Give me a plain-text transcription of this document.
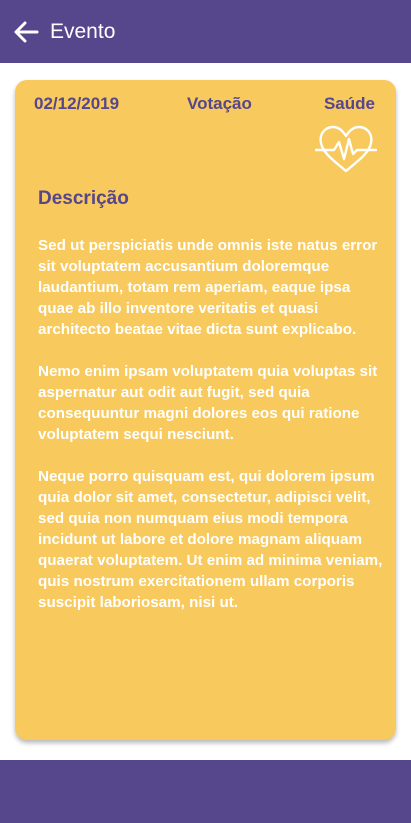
Evento
02/12/2019	Votação	Saúde
Descrição

Sed ut perspiciatis unde omnis iste natus error sit voluptatem accusantium doloremque laudantium, totam rem aperiam, eaque ipsa quae ab illo inventore veritatis et quasi architecto beatae vitae dicta sunt explicabo.

Nemo enim ipsam voluptatem quia voluptas sit aspernatur aut odit aut fugit, sed quia consequuntur magni dolores eos qui ratione voluptatem sequi nesciunt.

Neque porro quisquam est, qui dolorem ipsum quia dolor sit amet, consectetur, adipisci velit, sed quia non numquam eius modi tempora incidunt ut labore et dolore magnam aliquam quaerat voluptatem. Ut enim ad minima veniam, quis nostrum exercitationem ullam corporis suscipit laboriosam, nisi ut.
